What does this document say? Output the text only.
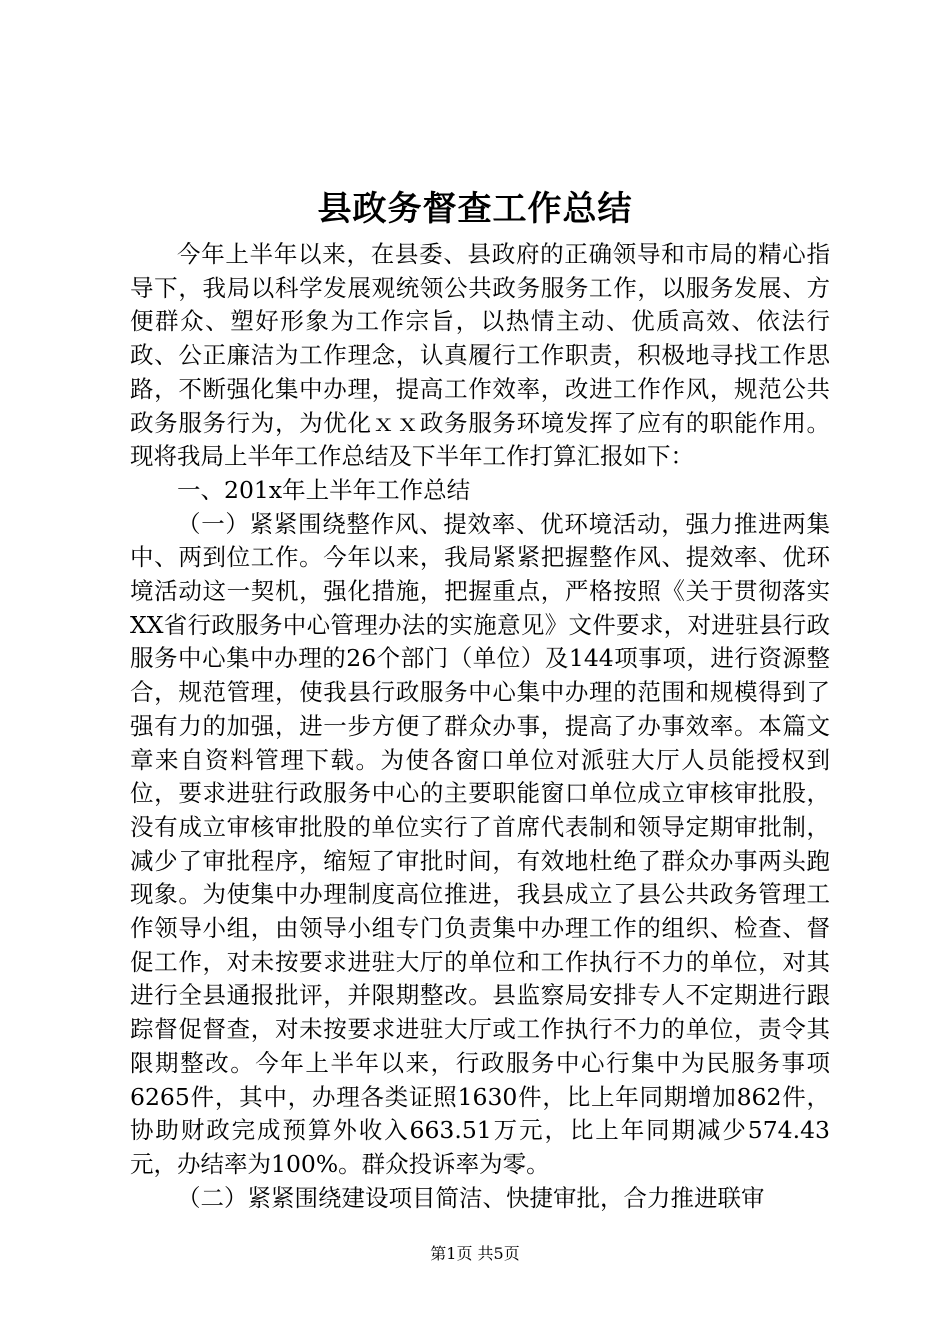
县政务督查工作总结

今年上半年以来，在县委、县政府的正确领导和市局的精心指导下，我局以科学发展观统领公共政务服务工作，以服务发展、方便群众、塑好形象为工作宗旨，以热情主动、优质高效、依法行政、公正廉洁为工作理念，认真履行工作职责，积极地寻找工作思路，不断强化集中办理，提高工作效率，改进工作作风，规范公共政务服务行为，为优化ｘｘ政务服务环境发挥了应有的职能作用。现将我局上半年工作总结及下半年工作打算汇报如下：

一、201x年上半年工作总结

（一）紧紧围绕整作风、提效率、优环境活动，强力推进两集中、两到位工作。今年以来，我局紧紧把握整作风、提效率、优环境活动这一契机，强化措施，把握重点，严格按照《关于贯彻落实XX省行政服务中心管理办法的实施意见》文件要求，对进驻县行政服务中心集中办理的26个部门（单位）及144项事项，进行资源整合，规范管理，使我县行政服务中心集中办理的范围和规模得到了强有力的加强，进一步方便了群众办事，提高了办事效率。本篇文章来自资料管理下载。为使各窗口单位对派驻大厅人员能授权到位，要求进驻行政服务中心的主要职能窗口单位成立审核审批股，没有成立审核审批股的单位实行了首席代表制和领导定期审批制，减少了审批程序，缩短了审批时间，有效地杜绝了群众办事两头跑现象。为使集中办理制度高位推进，我县成立了县公共政务管理工作领导小组，由领导小组专门负责集中办理工作的组织、检查、督促工作，对未按要求进驻大厅的单位和工作执行不力的单位，对其进行全县通报批评，并限期整改。县监察局安排专人不定期进行跟踪督促督查，对未按要求进驻大厅或工作执行不力的单位，责令其限期整改。今年上半年以来，行政服务中心行集中为民服务事项6265件，其中，办理各类证照1630件，比上年同期增加862件，协助财政完成预算外收入663.51万元，比上年同期减少574.43元，办结率为100%。群众投诉率为零。

（二）紧紧围绕建设项目简洁、快捷审批，合力推进联审

第1页 共5页
